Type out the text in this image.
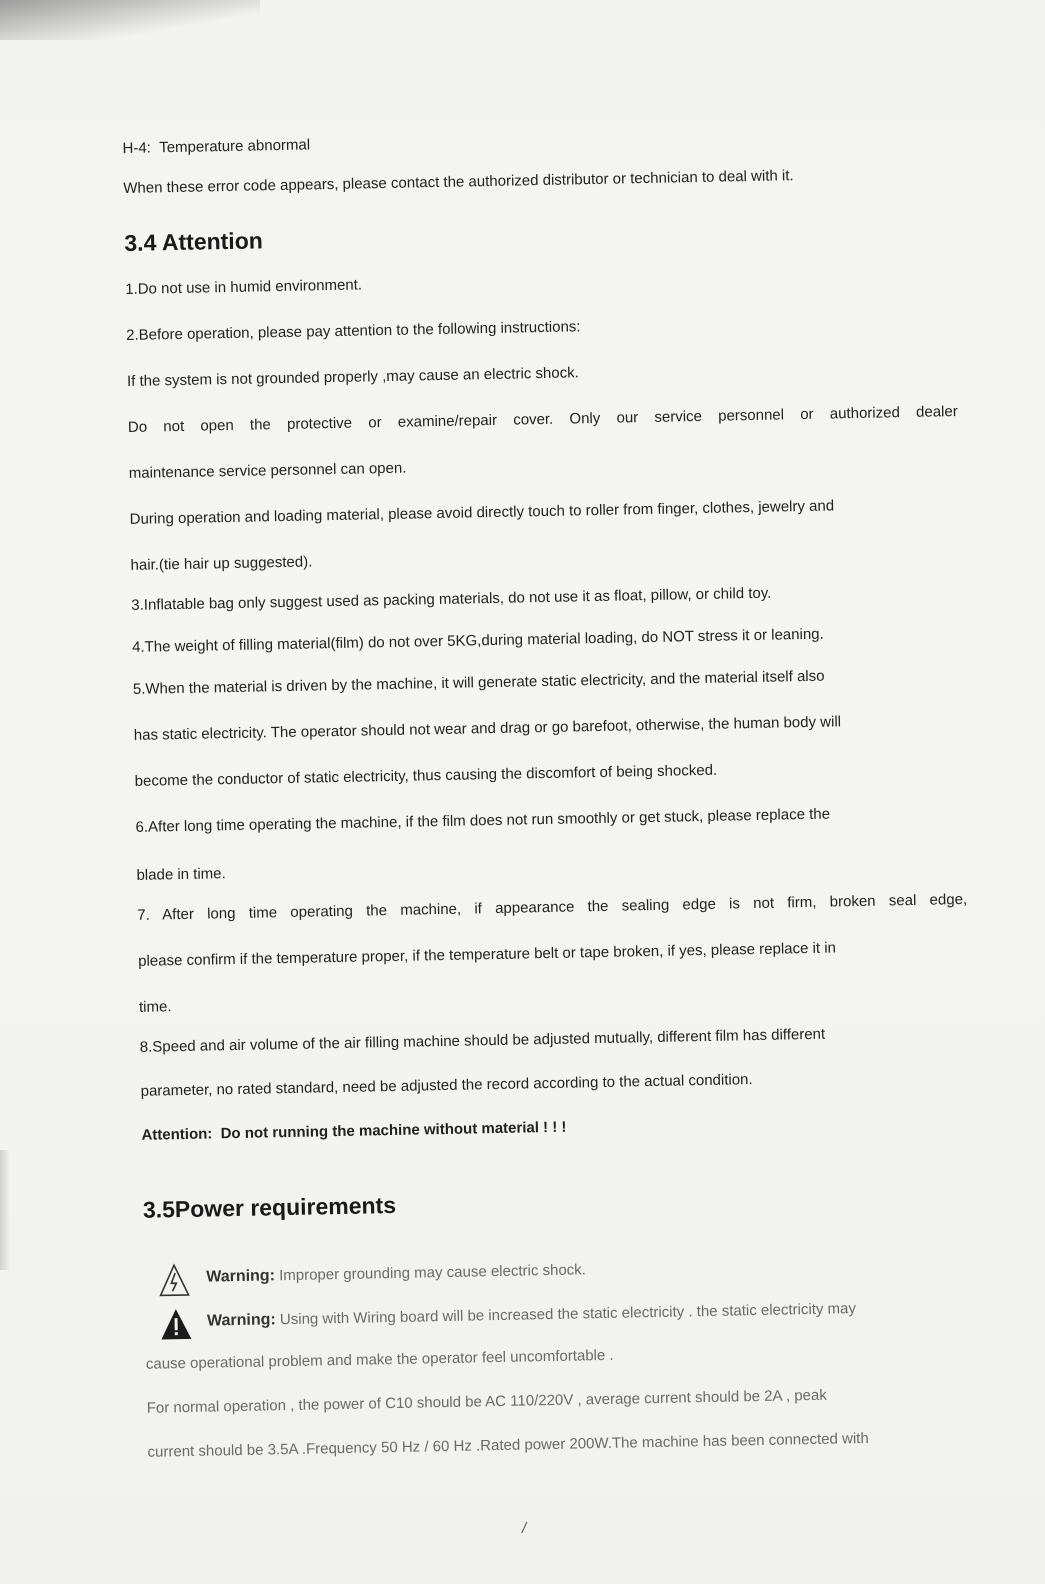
H-4: Temperature abnormal
When these error code appears, please contact the authorized distributor or technician to deal with it.
3.4 Attention
1.Do not use in humid environment.
2.Before operation, please pay attention to the following instructions:
If the system is not grounded properly ,may cause an electric shock.
Do not open the protective or examine/repair cover. Only our service personnel or authorized dealer
maintenance service personnel can open.
During operation and loading material, please avoid directly touch to roller from finger, clothes, jewelry and
hair.(tie hair up suggested).
3.Inflatable bag only suggest used as packing materials, do not use it as float, pillow, or child toy.
4.The weight of filling material(film) do not over 5KG,during material loading, do NOT stress it or leaning.
5.When the material is driven by the machine, it will generate static electricity, and the material itself also
has static electricity. The operator should not wear and drag or go barefoot, otherwise, the human body will
become the conductor of static electricity, thus causing the discomfort of being shocked.
6.After long time operating the machine, if the film does not run smoothly or get stuck, please replace the
blade in time.
7. After long time operating the machine, if appearance the sealing edge is not firm, broken seal edge,
please confirm if the temperature proper, if the temperature belt or tape broken, if yes, please replace it in
time.
8.Speed and air volume of the air filling machine should be adjusted mutually, different film has different
parameter, no rated standard, need be adjusted the record according to the actual condition.
Attention: Do not running the machine without material ! ! !
3.5Power requirements
Warning: Improper grounding may cause electric shock.
Warning: Using with Wiring board will be increased the static electricity . the static electricity may
cause operational problem and make the operator feel uncomfortable .
For normal operation , the power of C10 should be AC 110/220V , average current should be 2A , peak
current should be 3.5A .Frequency 50 Hz / 60 Hz .Rated power 200W.The machine has been connected with
/
